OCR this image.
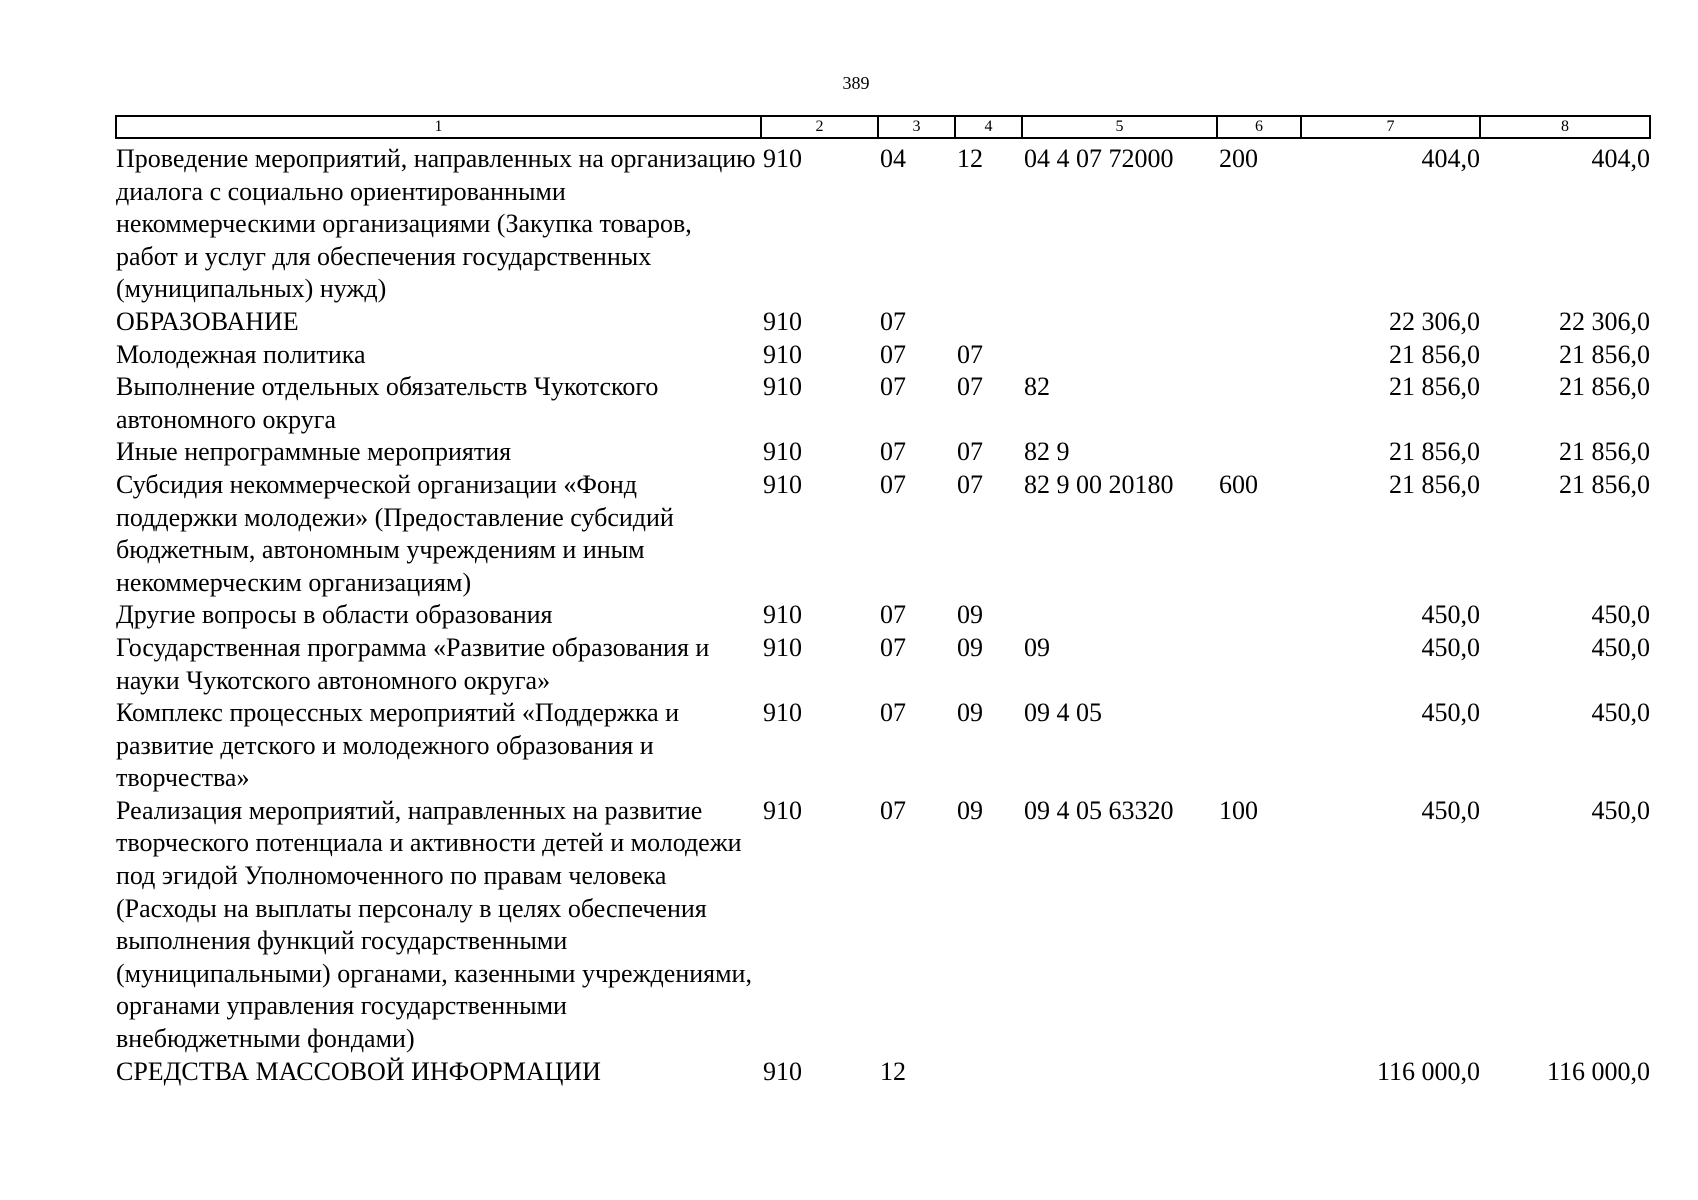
389
1	2	3	4	5	6	7	8
Проведение мероприятий, направленных на организацию диалога с социально ориентированными некоммерческими организациями (Закупка товаров, работ и услуг для обеспечения государственных (муниципальных) нужд)	910	04	12	04 4 07 72000	200	404,0	404,0
ОБРАЗОВАНИЕ	910	07				22 306,0	22 306,0
Молодежная политика	910	07	07			21 856,0	21 856,0
Выполнение отдельных обязательств Чукотского автономного округа	910	07	07	82		21 856,0	21 856,0
Иные непрограммные мероприятия	910	07	07	82 9		21 856,0	21 856,0
Субсидия некоммерческой организации «Фонд поддержки молодежи» (Предоставление субсидий бюджетным, автономным учреждениям и иным некоммерческим организациям)	910	07	07	82 9 00 20180	600	21 856,0	21 856,0
Другие вопросы в области образования	910	07	09			450,0	450,0
Государственная программа «Развитие образования и науки Чукотского автономного округа»	910	07	09	09		450,0	450,0
Комплекс процессных мероприятий «Поддержка и развитие детского и молодежного образования и творчества»	910	07	09	09 4 05		450,0	450,0
Реализация мероприятий, направленных на развитие творческого потенциала и активности детей и молодежи под эгидой Уполномоченного по правам человека (Расходы на выплаты персоналу в целях обеспечения выполнения функций государственными (муниципальными) органами, казенными учреждениями, органами управления государственными внебюджетными фондами)	910	07	09	09 4 05 63320	100	450,0	450,0
СРЕДСТВА МАССОВОЙ ИНФОРМАЦИИ	910	12				116 000,0	116 000,0
